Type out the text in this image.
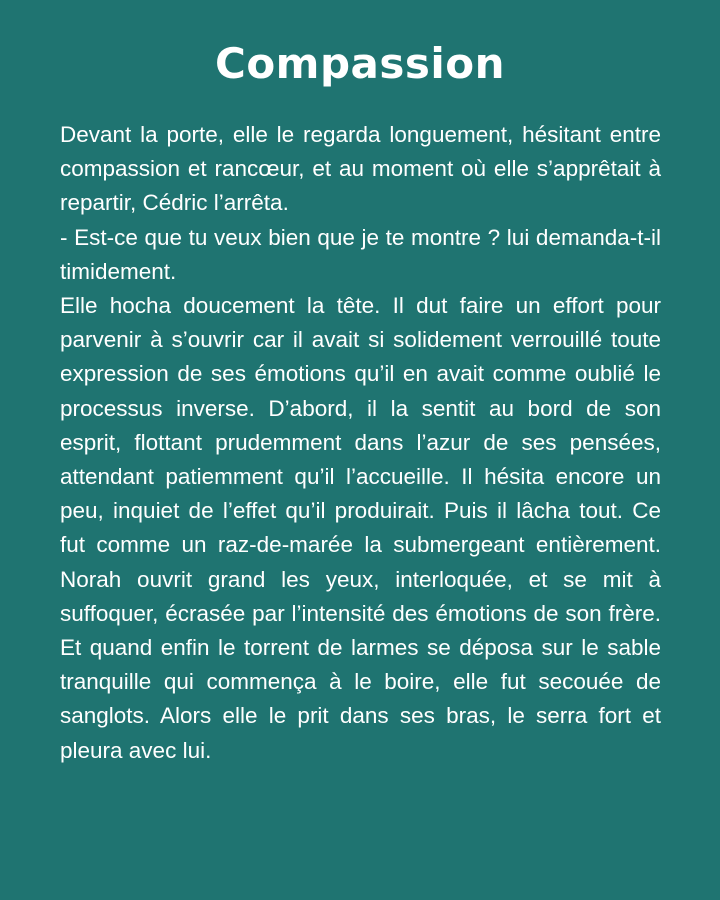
Compassion

Devant la porte, elle le regarda longuement, hésitant entre compassion et rancœur, et au moment où elle s’apprêtait à repartir, Cédric l’arrêta.

- Est-ce que tu veux bien que je te montre ? lui demanda-t-il timidement.

Elle hocha doucement la tête. Il dut faire un effort pour parvenir à s’ouvrir car il avait si solidement verrouillé toute expression de ses émotions qu’il en avait comme oublié le processus inverse. D’abord, il la sentit au bord de son esprit, flottant prudemment dans l’azur de ses pensées, attendant patiemment qu’il l’accueille. Il hésita encore un peu, inquiet de l’effet qu’il produirait. Puis il lâcha tout. Ce fut comme un raz-de-marée la submergeant entièrement. Norah ouvrit grand les yeux, interloquée, et se mit à suffoquer, écrasée par l’intensité des émotions de son frère. Et quand enfin le torrent de larmes se déposa sur le sable tranquille qui commença à le boire, elle fut secouée de sanglots. Alors elle le prit dans ses bras, le serra fort et pleura avec lui.
